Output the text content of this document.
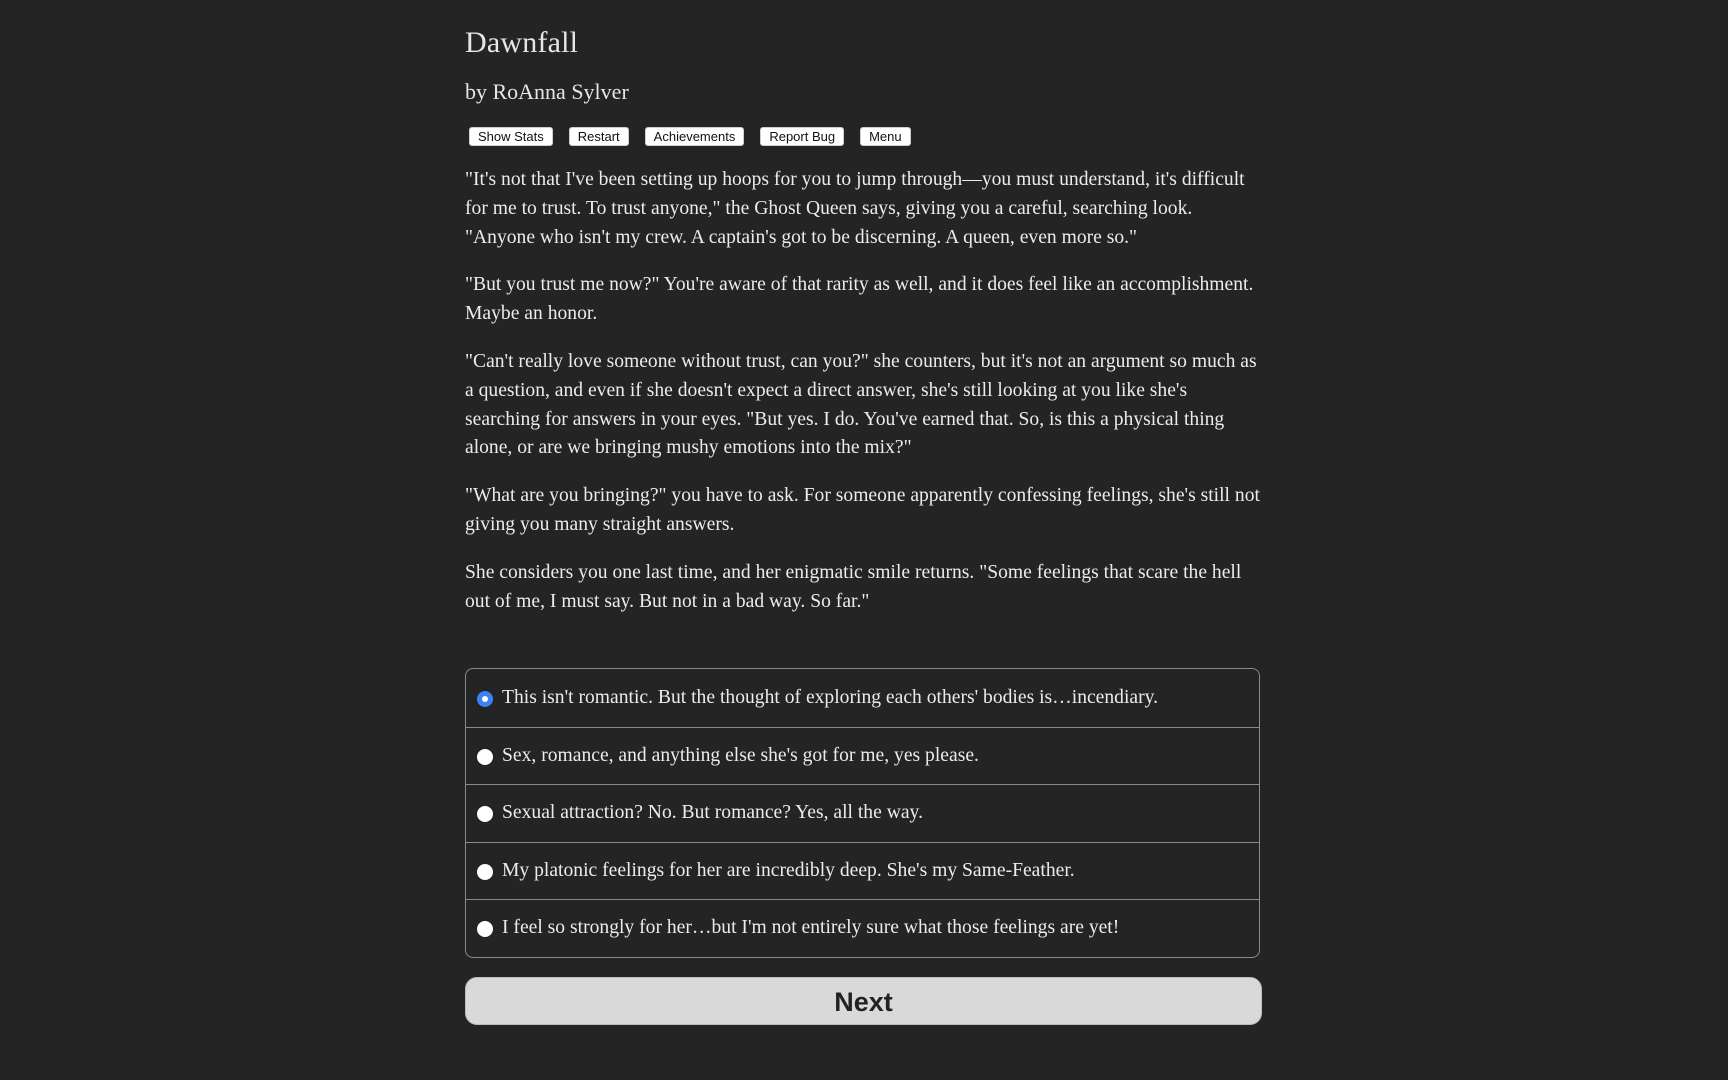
Dawnfall
by RoAnna Sylver
Show Stats	Restart	Achievements	Report Bug	Menu

"It's not that I've been setting up hoops for you to jump through—you must understand, it's difficult for me to trust. To trust anyone," the Ghost Queen says, giving you a careful, searching look. "Anyone who isn't my crew. A captain's got to be discerning. A queen, even more so."

"But you trust me now?" You're aware of that rarity as well, and it does feel like an accomplishment. Maybe an honor.

"Can't really love someone without trust, can you?" she counters, but it's not an argument so much as a question, and even if she doesn't expect a direct answer, she's still looking at you like she's searching for answers in your eyes. "But yes. I do. You've earned that. So, is this a physical thing alone, or are we bringing mushy emotions into the mix?"

"What are you bringing?" you have to ask. For someone apparently confessing feelings, she's still not giving you many straight answers.

She considers you one last time, and her enigmatic smile returns. "Some feelings that scare the hell out of me, I must say. But not in a bad way. So far."

This isn't romantic. But the thought of exploring each others' bodies is…incendiary.
Sex, romance, and anything else she's got for me, yes please.
Sexual attraction? No. But romance? Yes, all the way.
My platonic feelings for her are incredibly deep. She's my Same-Feather.
I feel so strongly for her…but I'm not entirely sure what those feelings are yet!
Next
